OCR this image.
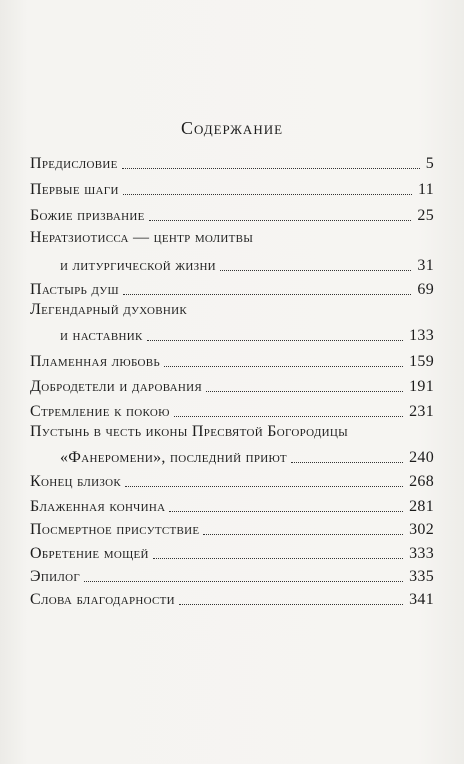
Содержание
Предисловие	5
Первые шаги	11
Божие призвание	25
Нератзиотисса — центр молитвы
и литургической жизни	31
Пастырь душ	69
Легендарный духовник
и наставник	133
Пламенная любовь	159
Добродетели и дарования	191
Стремление к покою	231
Пустынь в честь иконы Пресвятой Богородицы
«Фанеромени», последний приют	240
Конец близок	268
Блаженная кончина	281
Посмертное присутствие	302
Обретение мощей	333
Эпилог	335
Слова благодарности	341
